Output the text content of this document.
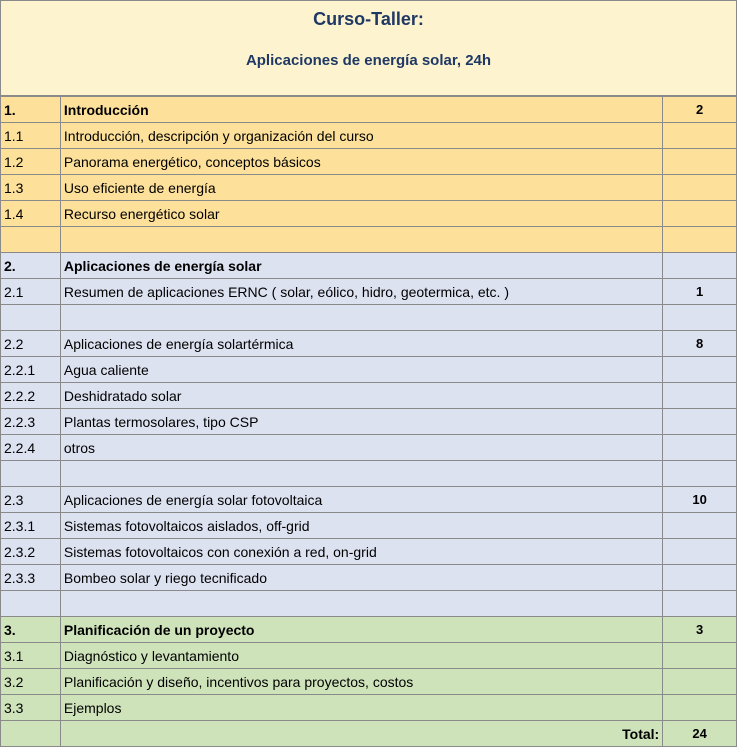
Curso-Taller:
Aplicaciones de energía solar, 24h
1.	Introducción	2
1.1	Introducción, descripción y organización del curso	
1.2	Panorama energético, conceptos básicos	
1.3	Uso eficiente de energía	
1.4	Recurso energético solar	

2.	Aplicaciones de energía solar	
2.1	Resumen de aplicaciones ERNC ( solar, eólico, hidro, geotermica, etc. )	1

2.2	Aplicaciones de energía solartérmica	8
2.2.1	Agua caliente	
2.2.2	Deshidratado solar	
2.2.3	Plantas termosolares, tipo CSP	
2.2.4	otros	

2.3	Aplicaciones de energía solar fotovoltaica	10
2.3.1	Sistemas fotovoltaicos aislados, off-grid	
2.3.2	Sistemas fotovoltaicos con conexión a red, on-grid	
2.3.3	Bombeo solar y riego tecnificado	

3.	Planificación de un proyecto	3
3.1	Diagnóstico y levantamiento	
3.2	Planificación y diseño, incentivos para proyectos, costos	
3.3	Ejemplos	
	Total:	24
